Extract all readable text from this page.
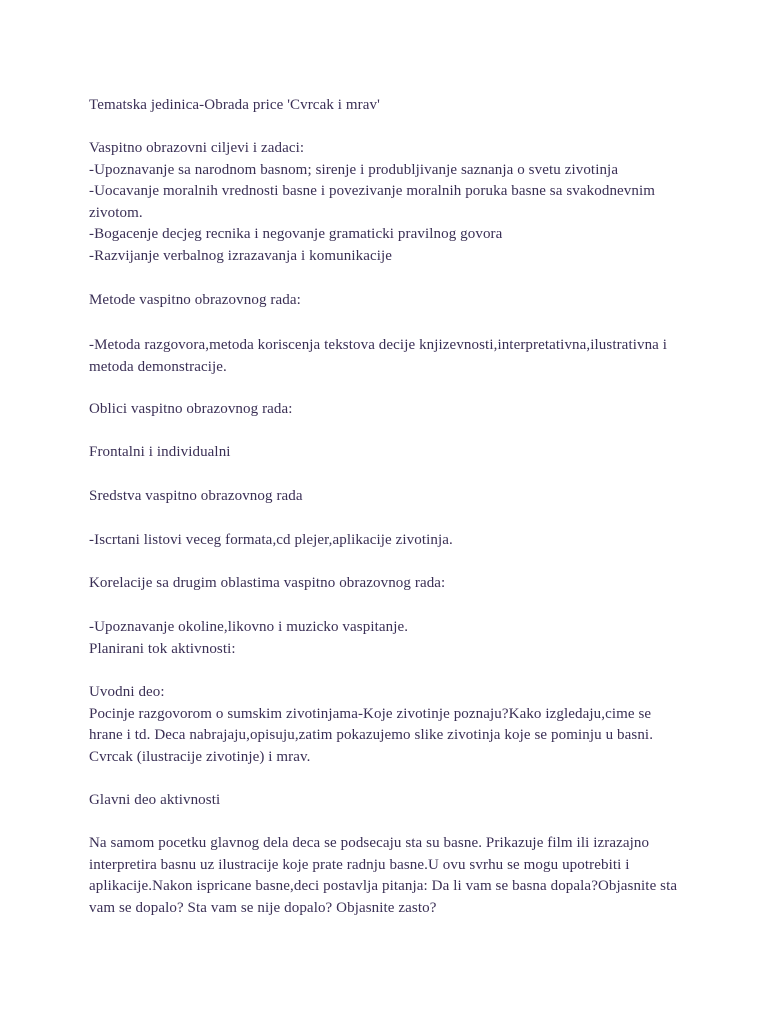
Tematska jedinica-Obrada price 'Cvrcak i mrav'

Vaspitno obrazovni ciljevi i zadaci:
-Upoznavanje sa narodnom basnom; sirenje i produbljivanje saznanja o svetu zivotinja
-Uocavanje moralnih vrednosti basne i povezivanje moralnih poruka basne sa svakodnevnim
zivotom.
-Bogacenje decjeg recnika i negovanje gramaticki pravilnog govora
-Razvijanje verbalnog izrazavanja i komunikacije

Metode vaspitno obrazovnog rada:

-Metoda razgovora,metoda koriscenja tekstova decije knjizevnosti,interpretativna,ilustrativna i
metoda demonstracije.

Oblici vaspitno obrazovnog rada:

Frontalni i individualni

Sredstva vaspitno obrazovnog rada

-Iscrtani listovi veceg formata,cd plejer,aplikacije zivotinja.

Korelacije sa drugim oblastima vaspitno obrazovnog rada:

-Upoznavanje okoline,likovno i muzicko vaspitanje.
Planirani tok aktivnosti:
Uvodni deo:
Pocinje razgovorom o sumskim zivotinjama-Koje zivotinje poznaju?Kako izgledaju,cime se
hrane i td. Deca nabrajaju,opisuju,zatim pokazujemo slike zivotinja koje se pominju u basni.
Cvrcak (ilustracije zivotinje) i mrav.

Glavni deo aktivnosti

Na samom pocetku glavnog dela deca se podsecaju sta su basne. Prikazuje film ili izrazajno
interpretira basnu uz ilustracije koje prate radnju basne.U ovu svrhu se mogu upotrebiti i
aplikacije.Nakon ispricane basne,deci postavlja pitanja: Da li vam se basna dopala?Objasnite sta
vam se dopalo? Sta vam se nije dopalo? Objasnite zasto?
